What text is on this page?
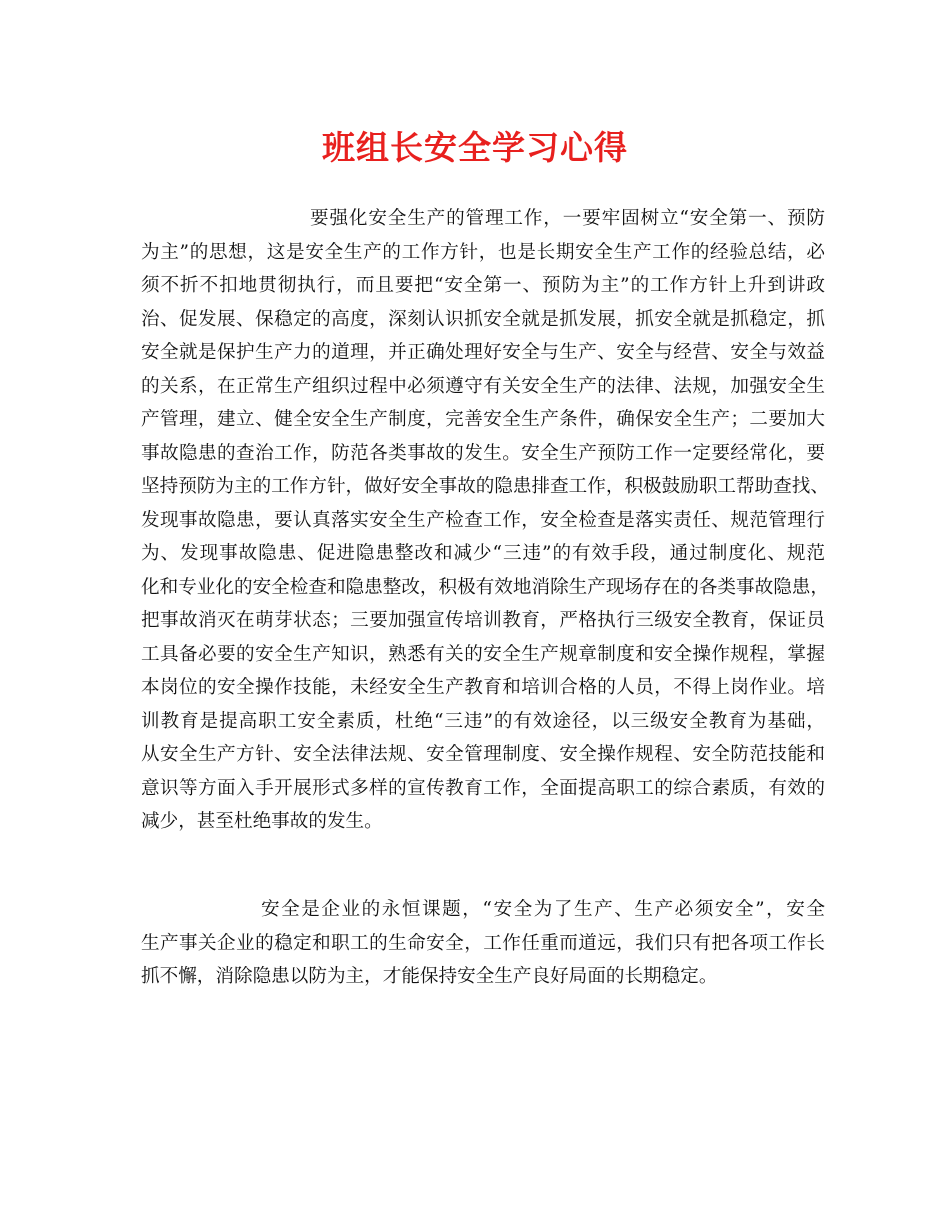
班组长安全学习心得
要强化安全生产的管理工作，一要牢固树立“安全第一、预防
为主”的思想，这是安全生产的工作方针，也是长期安全生产工作的经验总结，必
须不折不扣地贯彻执行，而且要把“安全第一、预防为主”的工作方针上升到讲政
治、促发展、保稳定的高度，深刻认识抓安全就是抓发展，抓安全就是抓稳定，抓
安全就是保护生产力的道理，并正确处理好安全与生产、安全与经营、安全与效益
的关系，在正常生产组织过程中必须遵守有关安全生产的法律、法规，加强安全生
产管理，建立、健全安全生产制度，完善安全生产条件，确保安全生产；二要加大
事故隐患的查治工作，防范各类事故的发生。安全生产预防工作一定要经常化，要
坚持预防为主的工作方针，做好安全事故的隐患排查工作，积极鼓励职工帮助查找、
发现事故隐患，要认真落实安全生产检查工作，安全检查是落实责任、规范管理行
为、发现事故隐患、促进隐患整改和减少“三违”的有效手段，通过制度化、规范
化和专业化的安全检查和隐患整改，积极有效地消除生产现场存在的各类事故隐患，
把事故消灭在萌芽状态；三要加强宣传培训教育，严格执行三级安全教育，保证员
工具备必要的安全生产知识，熟悉有关的安全生产规章制度和安全操作规程，掌握
本岗位的安全操作技能，未经安全生产教育和培训合格的人员，不得上岗作业。培
训教育是提高职工安全素质，杜绝“三违”的有效途径，以三级安全教育为基础，
从安全生产方针、安全法律法规、安全管理制度、安全操作规程、安全防范技能和
意识等方面入手开展形式多样的宣传教育工作，全面提高职工的综合素质，有效的
减少，甚至杜绝事故的发生。
安全是企业的永恒课题，“安全为了生产、生产必须安全”，安全
生产事关企业的稳定和职工的生命安全，工作任重而道远，我们只有把各项工作长
抓不懈，消除隐患以防为主，才能保持安全生产良好局面的长期稳定。
